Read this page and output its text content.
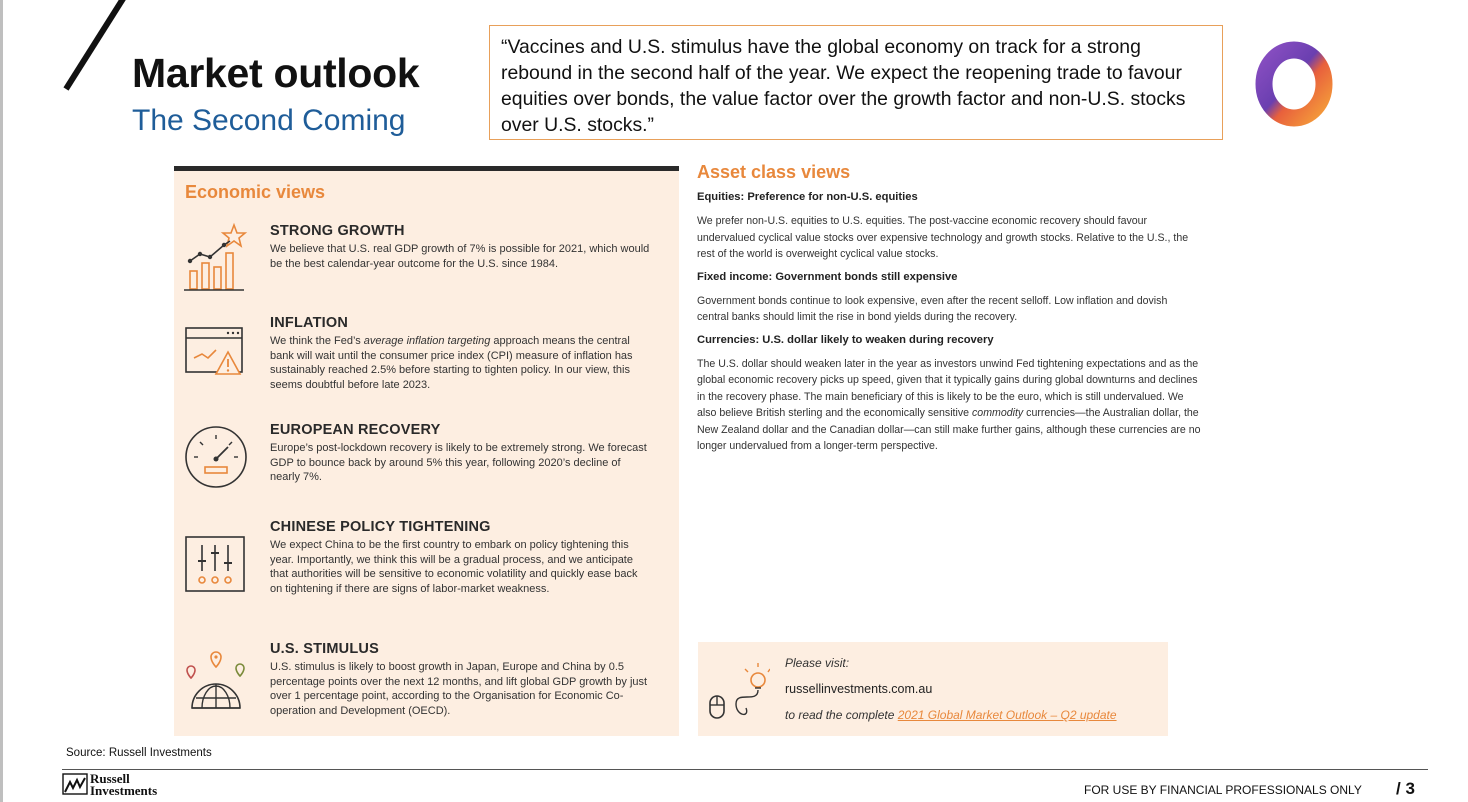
Market outlook
The Second Coming
“Vaccines and U.S. stimulus have the global economy on track for a strong rebound in the second half of the year. We expect the reopening trade to favour equities over bonds, the value factor over the growth factor and non-U.S. stocks over U.S. stocks.”
Economic views
STRONG GROWTH

We believe that U.S. real GDP growth of 7% is possible for 2021, which would be the best calendar-year outcome for the U.S. since 1984.

INFLATION

We think the Fed’s average inflation targeting approach means the central bank will wait until the consumer price index (CPI) measure of inflation has sustainably reached 2.5% before starting to tighten policy. In our view, this seems doubtful before late 2023.

EUROPEAN RECOVERY

Europe’s post-lockdown recovery is likely to be extremely strong. We forecast GDP to bounce back by around 5% this year, following 2020’s decline of nearly 7%.

CHINESE POLICY TIGHTENING

We expect China to be the first country to embark on policy tightening this year. Importantly, we think this will be a gradual process, and we anticipate that authorities will be sensitive to economic volatility and quickly ease back on tightening if there are signs of labor-market weakness.

U.S. STIMULUS

U.S. stimulus is likely to boost growth in Japan, Europe and China by 0.5 percentage points over the next 12 months, and lift global GDP growth by just over 1 percentage point, according to the Organisation for Economic Co-operation and Development (OECD).

Asset class views
Equities: Preference for non-U.S. equities

We prefer non-U.S. equities to U.S. equities. The post-vaccine economic recovery should favour undervalued cyclical value stocks over expensive technology and growth stocks. Relative to the U.S., the rest of the world is overweight cyclical value stocks.

Fixed income: Government bonds still expensive

Government bonds continue to look expensive, even after the recent selloff. Low inflation and dovish central banks should limit the rise in bond yields during the recovery.

Currencies: U.S. dollar likely to weaken during recovery

The U.S. dollar should weaken later in the year as investors unwind Fed tightening expectations and as the global economic recovery picks up speed, given that it typically gains during global downturns and declines in the recovery phase. The main beneficiary of this is likely to be the euro, which is still undervalued. We also believe British sterling and the economically sensitive commodity currencies—the Australian dollar, the New Zealand dollar and the Canadian dollar—can still make further gains, although these currencies are no longer undervalued from a longer-term perspective.

Please visit:
russellinvestments.com.au
to read the complete 2021 Global Market Outlook – Q2 update
Source: Russell Investments
Russell
Investments	FOR USE BY FINANCIAL PROFESSIONALS ONLY / 3
